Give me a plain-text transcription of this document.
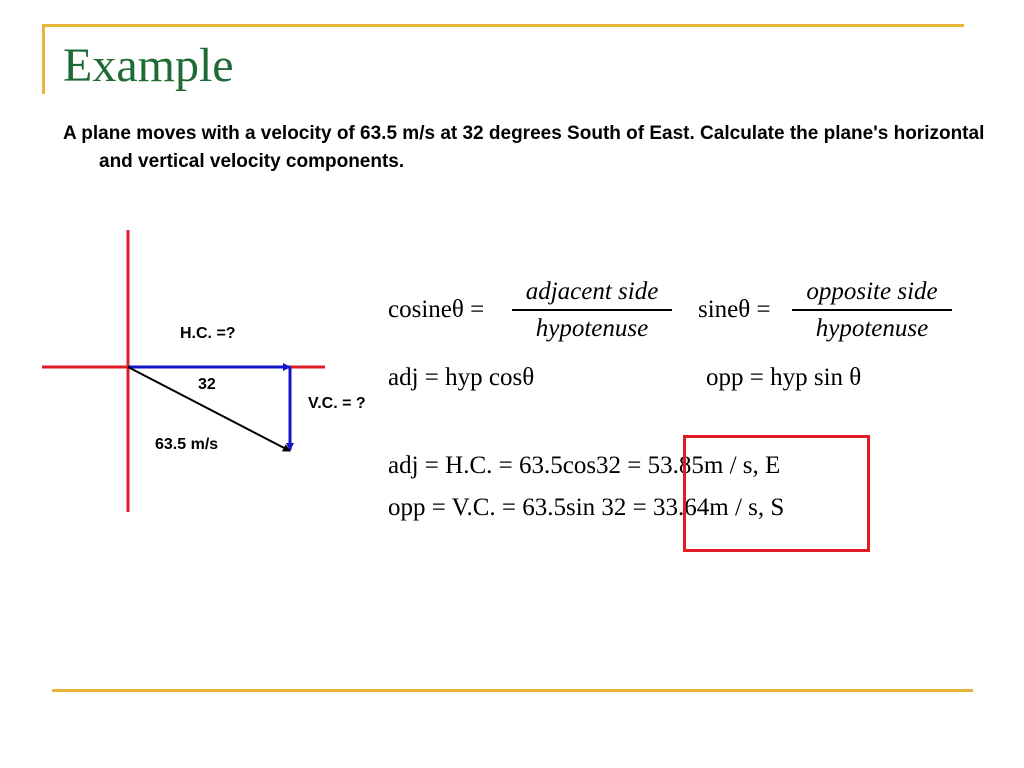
Example
A plane moves with a velocity of 63.5 m/s at 32 degrees South of East. Calculate the plane's horizontal and vertical velocity components.
H.C. =?
32
V.C. = ?
63.5 m/s
cosineθ =
adjacent side
hypotenuse
sineθ =
opposite side
hypotenuse
adj = hyp cosθ	opp = hyp sin θ
adj = H.C. = 63.5cos32 = 53.85m / s, E
opp = V.C. = 63.5sin 32 = 33.64m / s, S
